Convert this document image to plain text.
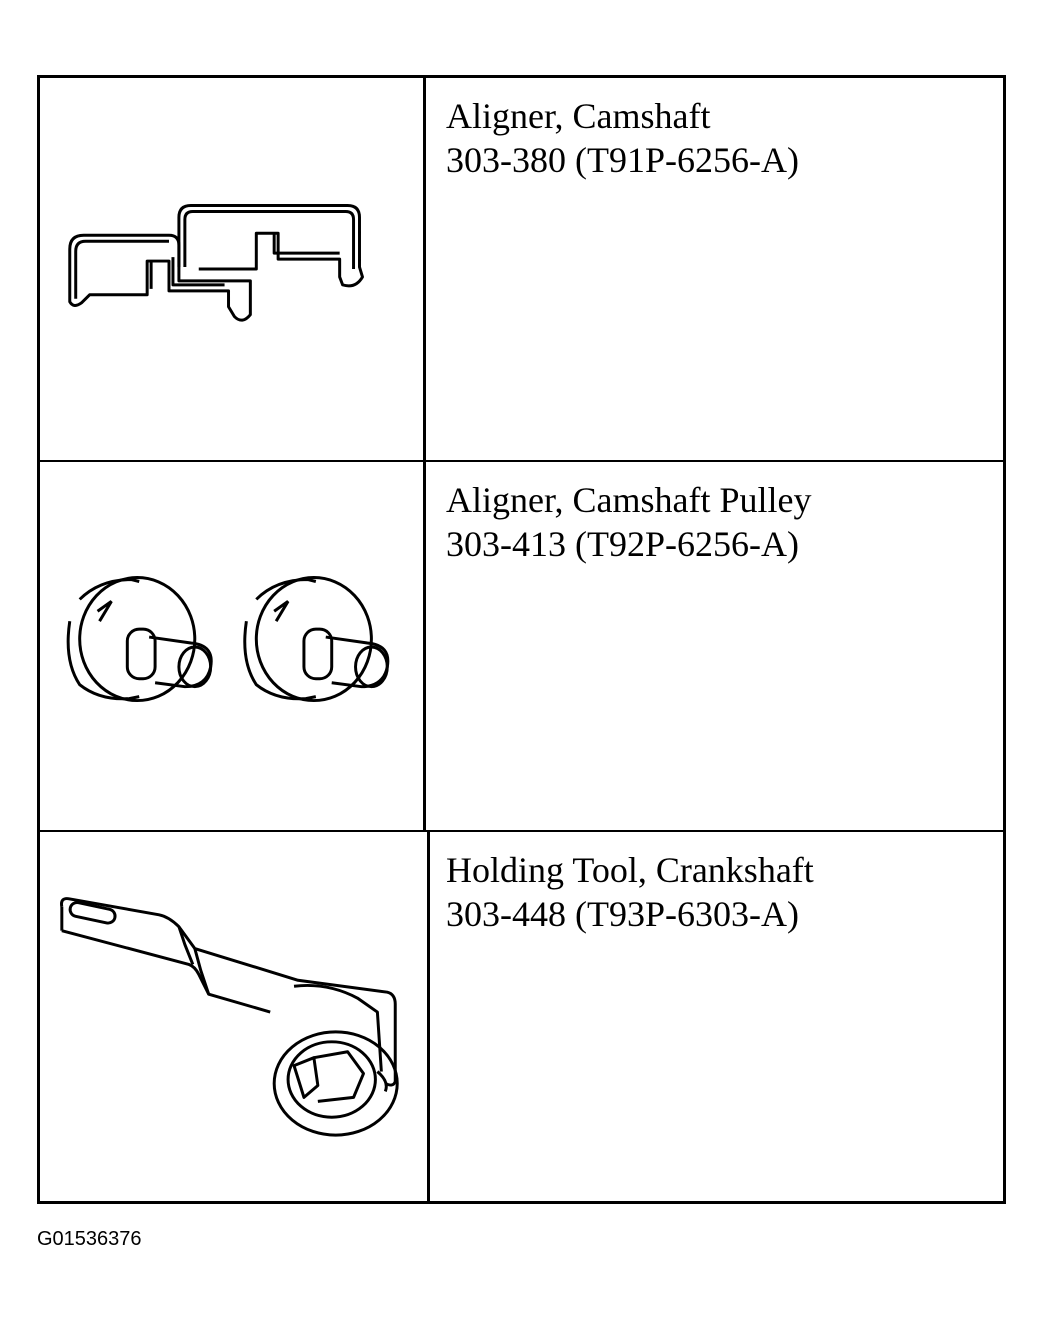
Aligner, Camshaft
303-380 (T91P-6256-A)
Aligner, Camshaft Pulley
303-413 (T92P-6256-A)
Holding Tool, Crankshaft
303-448 (T93P-6303-A)
G01536376
